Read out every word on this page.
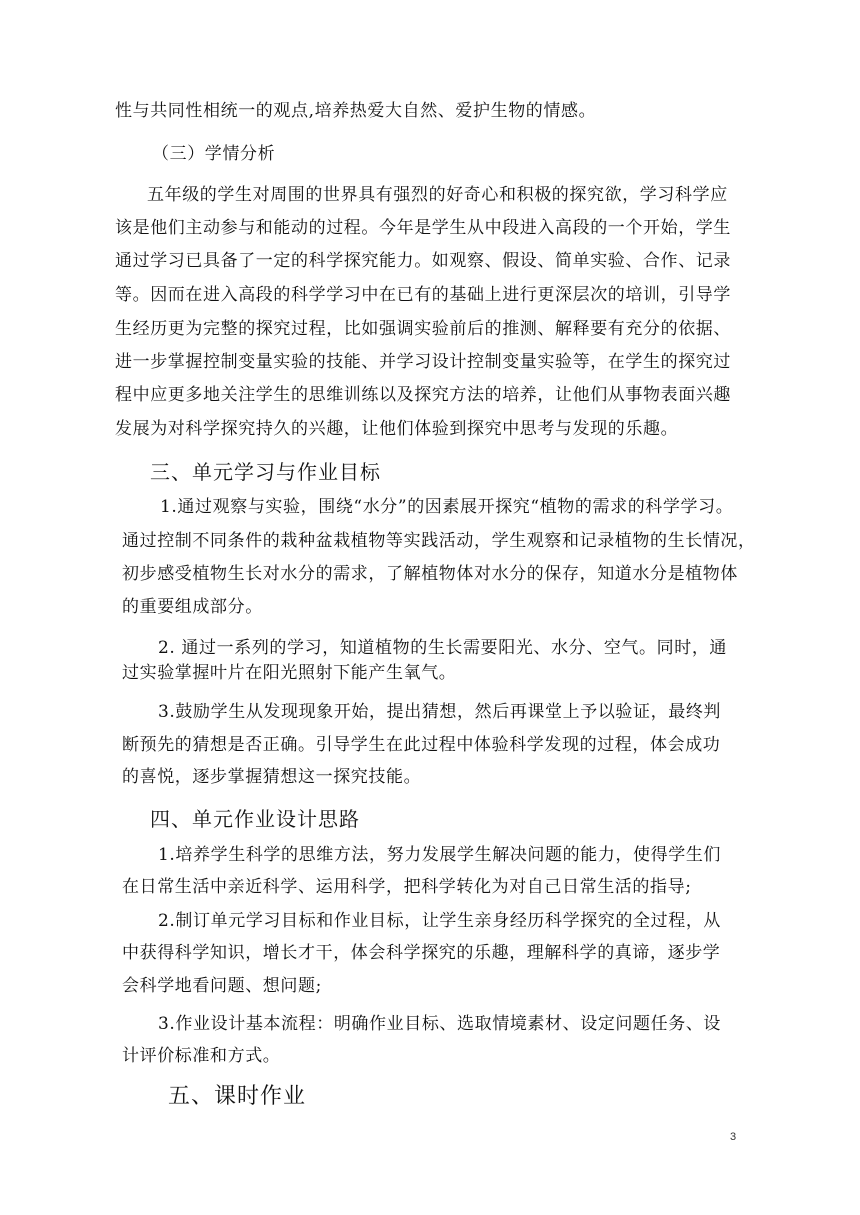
性与共同性相统一的观点,培养热爱大自然、爱护生物的情感。
（三）学情分析
五年级的学生对周围的世界具有强烈的好奇心和积极的探究欲，学习科学应
该是他们主动参与和能动的过程。今年是学生从中段进入高段的一个开始，学生
通过学习已具备了一定的科学探究能力。如观察、假设、简单实验、合作、记录
等。因而在进入高段的科学学习中在已有的基础上进行更深层次的培训，引导学
生经历更为完整的探究过程，比如强调实验前后的推测、解释要有充分的依据、
进一步掌握控制变量实验的技能、并学习设计控制变量实验等，在学生的探究过
程中应更多地关注学生的思维训练以及探究方法的培养，让他们从事物表面兴趣
发展为对科学探究持久的兴趣，让他们体验到探究中思考与发现的乐趣。
三、单元学习与作业目标
1.通过观察与实验，围绕“水分”的因素展开探究“植物的需求的科学学习。
通过控制不同条件的栽种盆栽植物等实践活动，学生观察和记录植物的生长情况，
初步感受植物生长对水分的需求，了解植物体对水分的保存，知道水分是植物体
的重要组成部分。
2. 通过一系列的学习，知道植物的生长需要阳光、水分、空气。同时，通
过实验掌握叶片在阳光照射下能产生氧气。
3.鼓励学生从发现现象开始，提出猜想，然后再课堂上予以验证，最终判
断预先的猜想是否正确。引导学生在此过程中体验科学发现的过程，体会成功
的喜悦，逐步掌握猜想这一探究技能。
四、单元作业设计思路
1.培养学生科学的思维方法，努力发展学生解决问题的能力，使得学生们
在日常生活中亲近科学、运用科学，把科学转化为对自己日常生活的指导;
2.制订单元学习目标和作业目标，让学生亲身经历科学探究的全过程，从
中获得科学知识，增长才干，体会科学探究的乐趣，理解科学的真谛，逐步学
会科学地看问题、想问题;
3.作业设计基本流程：明确作业目标、选取情境素材、设定问题任务、设
计评价标准和方式。
五、课时作业
3
